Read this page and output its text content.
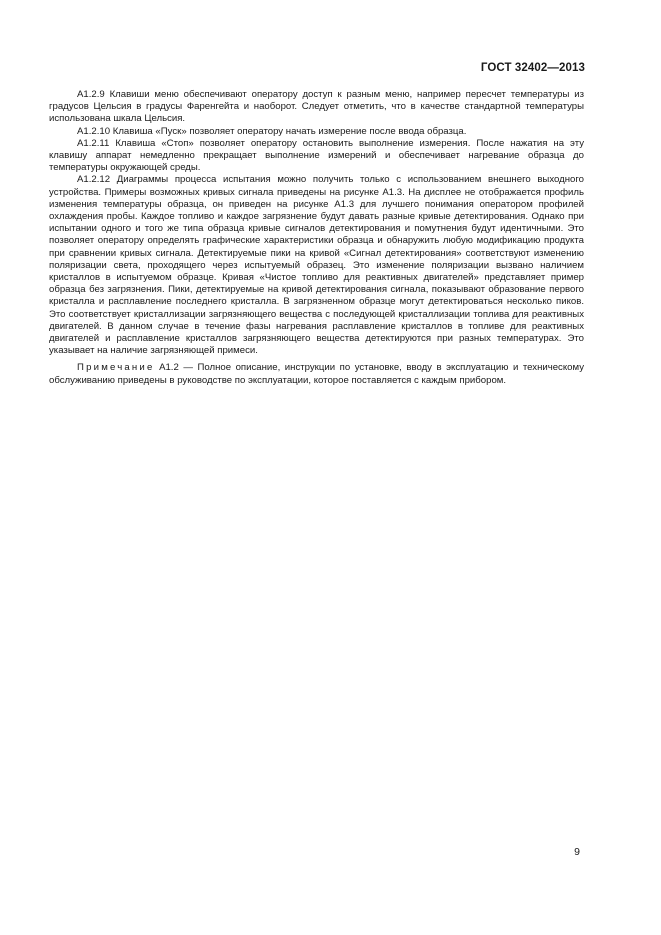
ГОСТ 32402—2013

А1.2.9 Клавиши меню обеспечивают оператору доступ к разным меню, например пересчет температуры из градусов Цельсия в градусы Фаренгейта и наоборот. Следует отметить, что в качестве стандартной температуры использована шкала Цельсия.

А1.2.10 Клавиша «Пуск» позволяет оператору начать измерение после ввода образца.

А1.2.11 Клавиша «Стоп» позволяет оператору остановить выполнение измерения. После нажатия на эту клавишу аппарат немедленно прекращает выполнение измерений и обеспечивает нагревание образца до температуры окружающей среды.

А1.2.12 Диаграммы процесса испытания можно получить только с использованием внешнего выходного устройства. Примеры возможных кривых сигнала приведены на рисунке А1.3. На дисплее не отображается профиль изменения температуры образца, он приведен на рисунке А1.3 для лучшего понимания оператором профилей охлаждения пробы. Каждое топливо и каждое загрязнение будут давать разные кривые детектирования. Однако при испытании одного и того же типа образца кривые сигналов детектирования и помутнения будут идентичными. Это позволяет оператору определять графические характеристики образца и обнаружить любую модификацию продукта при сравнении кривых сигнала. Детектируемые пики на кривой «Сигнал детектирования» соответствуют изменению поляризации света, проходящего через испытуемый образец. Это изменение поляризации вызвано наличием кристаллов в испытуемом образце. Кривая «Чистое топливо для реактивных двигателей» представляет пример образца без загрязнения. Пики, детектируемые на кривой детектирования сигнала, показывают образование первого кристалла и расплавление последнего кристалла. В загрязненном образце могут детектироваться несколько пиков. Это соответствует кристаллизации загрязняющего вещества с последующей кристаллизации топлива для реактивных двигателей. В данном случае в течение фазы нагревания расплавление кристаллов в топливе для реактивных двигателей и расплавление кристаллов загрязняющего вещества детектируются при разных температурах. Это указывает на наличие загрязняющей примеси.

Примечание А1.2 — Полное описание, инструкции по установке, вводу в эксплуатацию и техническому обслуживанию приведены в руководстве по эксплуатации, которое поставляется с каждым прибором.

9
